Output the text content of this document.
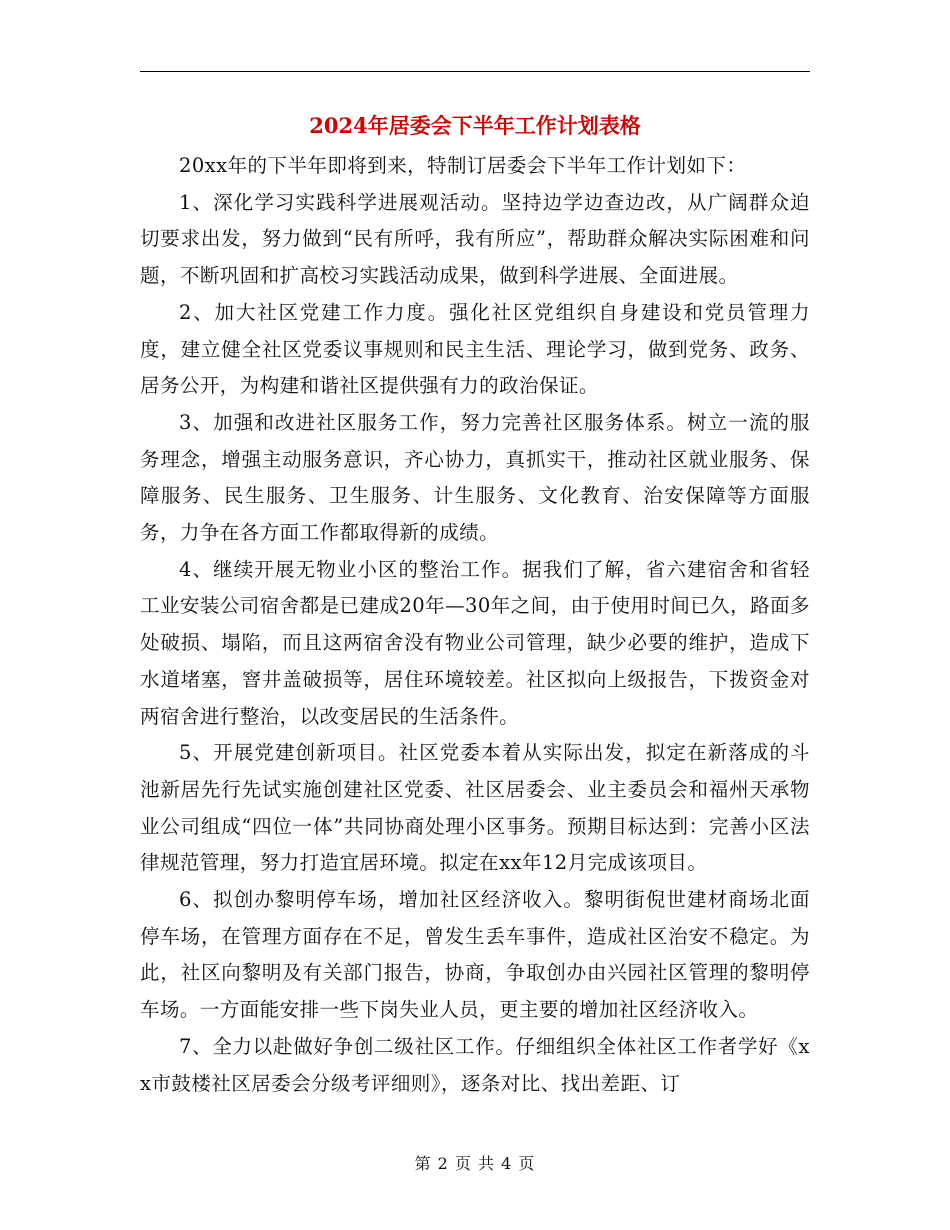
2024年居委会下半年工作计划表格

20xx年的下半年即将到来，特制订居委会下半年工作计划如下：

1、深化学习实践科学进展观活动。坚持边学边查边改，从广阔群众迫切要求出发，努力做到“民有所呼，我有所应”，帮助群众解决实际困难和问题，不断巩固和扩高校习实践活动成果，做到科学进展、全面进展。

2、加大社区党建工作力度。强化社区党组织自身建设和党员管理力度，建立健全社区党委议事规则和民主生活、理论学习，做到党务、政务、居务公开，为构建和谐社区提供强有力的政治保证。

3、加强和改进社区服务工作，努力完善社区服务体系。树立一流的服务理念，增强主动服务意识，齐心协力，真抓实干，推动社区就业服务、保障服务、民生服务、卫生服务、计生服务、文化教育、治安保障等方面服务，力争在各方面工作都取得新的成绩。

4、继续开展无物业小区的整治工作。据我们了解，省六建宿舍和省轻工业安装公司宿舍都是已建成20年—30年之间，由于使用时间已久，路面多处破损、塌陷，而且这两宿舍没有物业公司管理，缺少必要的维护，造成下水道堵塞，窨井盖破损等，居住环境较差。社区拟向上级报告，下拨资金对两宿舍进行整治，以改变居民的生活条件。

5、开展党建创新项目。社区党委本着从实际出发，拟定在新落成的斗池新居先行先试实施创建社区党委、社区居委会、业主委员会和福州天承物业公司组成“四位一体”共同协商处理小区事务。预期目标达到：完善小区法律规范管理，努力打造宜居环境。拟定在xx年12月完成该项目。

6、拟创办黎明停车场，增加社区经济收入。黎明街倪世建材商场北面停车场，在管理方面存在不足，曾发生丢车事件，造成社区治安不稳定。为此，社区向黎明及有关部门报告，协商，争取创办由兴园社区管理的黎明停车场。一方面能安排一些下岗失业人员，更主要的增加社区经济收入。

7、全力以赴做好争创二级社区工作。仔细组织全体社区工作者学好《xx市鼓楼社区居委会分级考评细则》，逐条对比、找出差距、订

第 2 页 共 4 页
